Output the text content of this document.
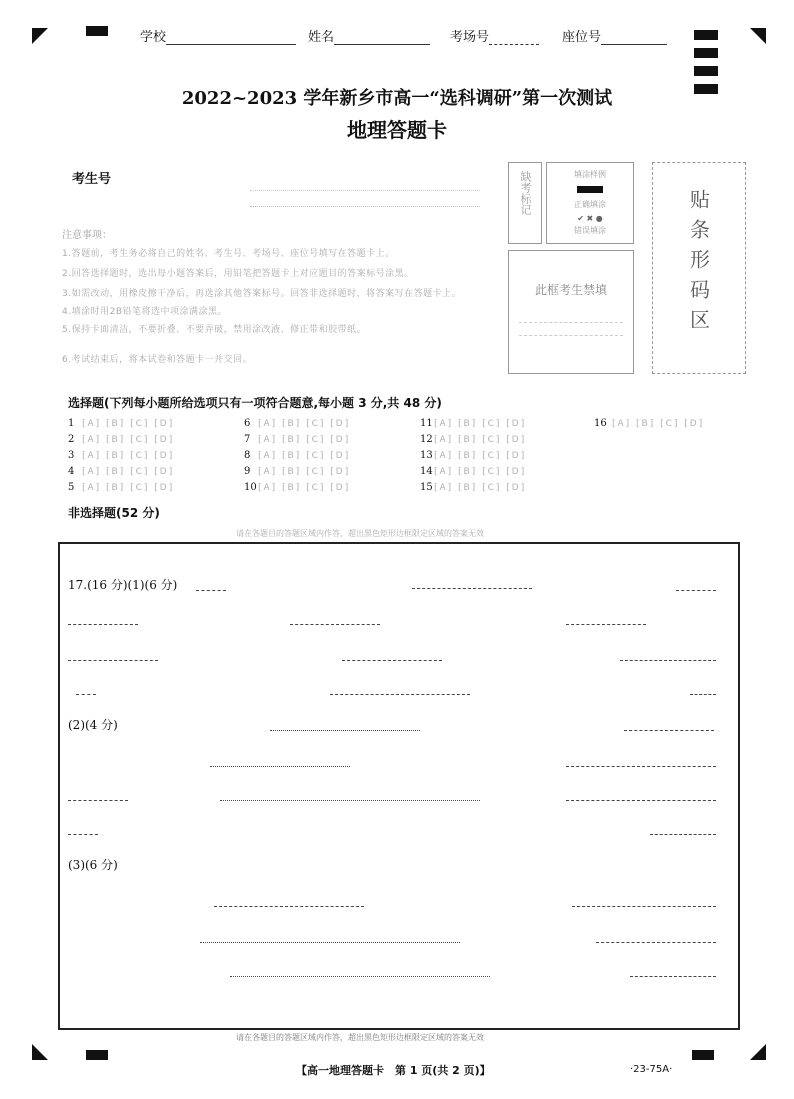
学校	姓名	考场号	座位号
2022~2023 学年新乡市高一“选科调研”第一次测试
地理答题卡
考生号
注意事项：
1.答题前，考生务必将自己的姓名、考生号、考场号、座位号填写在答题卡上。
2.回答选择题时，选出每小题答案后，用铅笔把答题卡上对应题目的答案标号涂黑。
3.如需改动，用橡皮擦干净后，再选涂其他答案标号。回答非选择题时，将答案写在答题卡上。
4.填涂时用2B铅笔将选中项涂满涂黑。
5.保持卡面清洁，不要折叠、不要弄破，禁用涂改液、修正带和胶带纸。
6.考试结束后，将本试卷和答题卡一并交回。
缺考标记	填涂样例
正确填涂
✔ ✖ ●
错误填涂
此框考生禁填	贴条形码区
选择题(下列每小题所给选项只有一项符合题意,每小题 3 分,共 48 分)
1 [A] [B] [C] [D]
2 [A] [B] [C] [D]
3 [A] [B] [C] [D]
4 [A] [B] [C] [D]
5 [A] [B] [C] [D]
6 [A] [B] [C] [D]
7 [A] [B] [C] [D]
8 [A] [B] [C] [D]
9 [A] [B] [C] [D]
10[A] [B] [C] [D]
11[A] [B] [C] [D]
12[A] [B] [C] [D]
13[A] [B] [C] [D]
14[A] [B] [C] [D]
15[A] [B] [C] [D]
16 [A] [B] [C] [D]
非选择题(52 分)
请在各题目的答题区域内作答，超出黑色矩形边框限定区域的答案无效
17.(16 分)(1)(6 分)
(2)(4 分)
(3)(6 分)
请在各题目的答题区域内作答，超出黑色矩形边框限定区域的答案无效
【高一地理答题卡　第 1 页(共 2 页)】	·23-75A·
